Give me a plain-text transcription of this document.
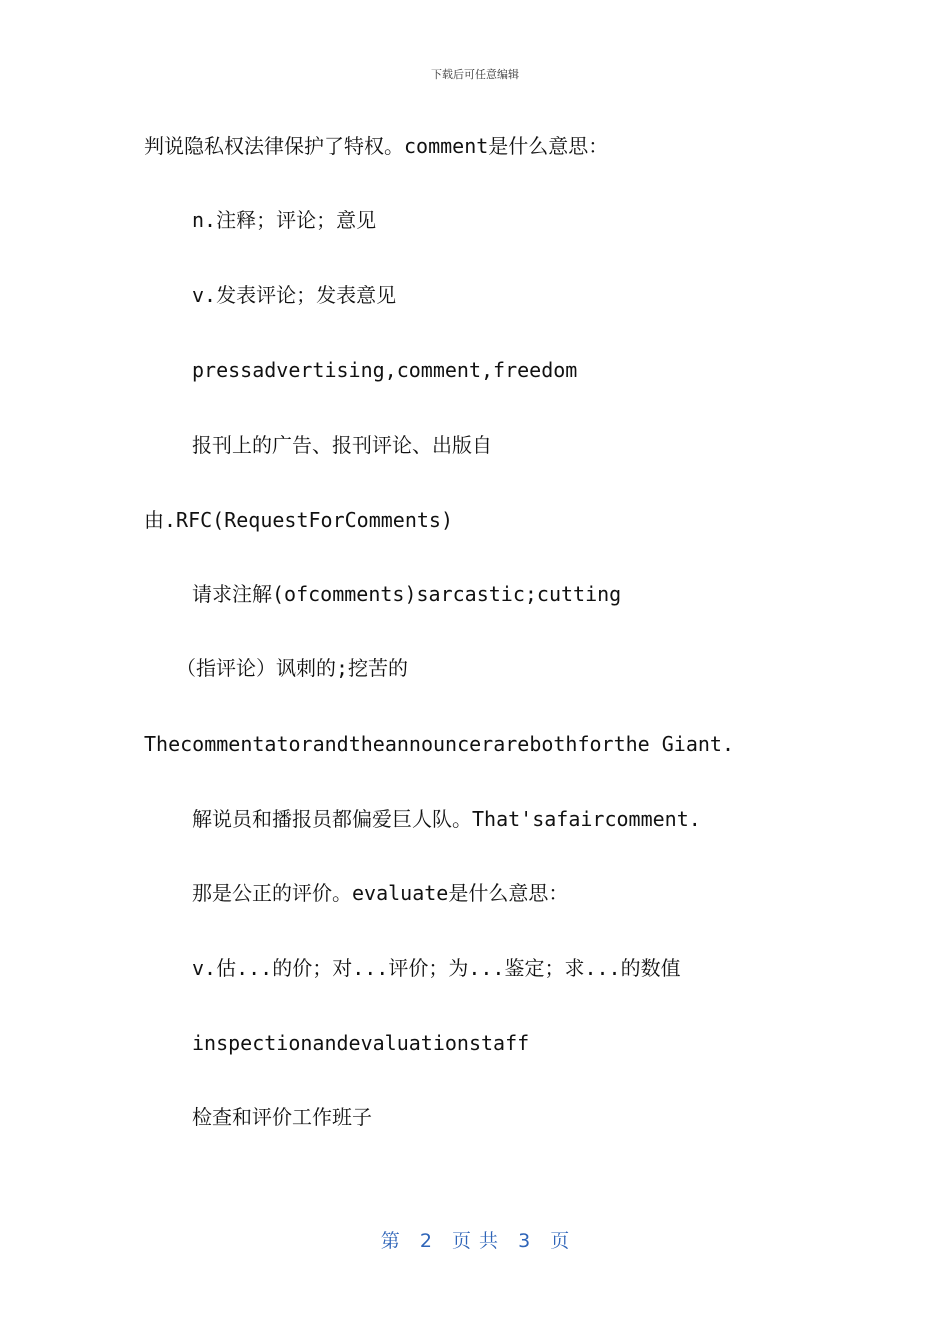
下载后可任意编辑
判说隐私权法律保护了特权。comment是什么意思：
n.注释；评论；意见
v.发表评论；发表意见
pressadvertising,comment,freedom
报刊上的广告、报刊评论、出版自
由.RFC(RequestForComments)
请求注解(ofcomments)sarcastic;cutting
（指评论）讽刺的;挖苦的
Thecommentatorandtheannouncerarebothforthe Giant.
解说员和播报员都偏爱巨人队。That'safaircomment.
那是公正的评价。evaluate是什么意思：
v.估...的价；对...评价；为...鉴定；求...的数值
inspectionandevaluationstaff
检查和评价工作班子
第 2 页 共 3 页
